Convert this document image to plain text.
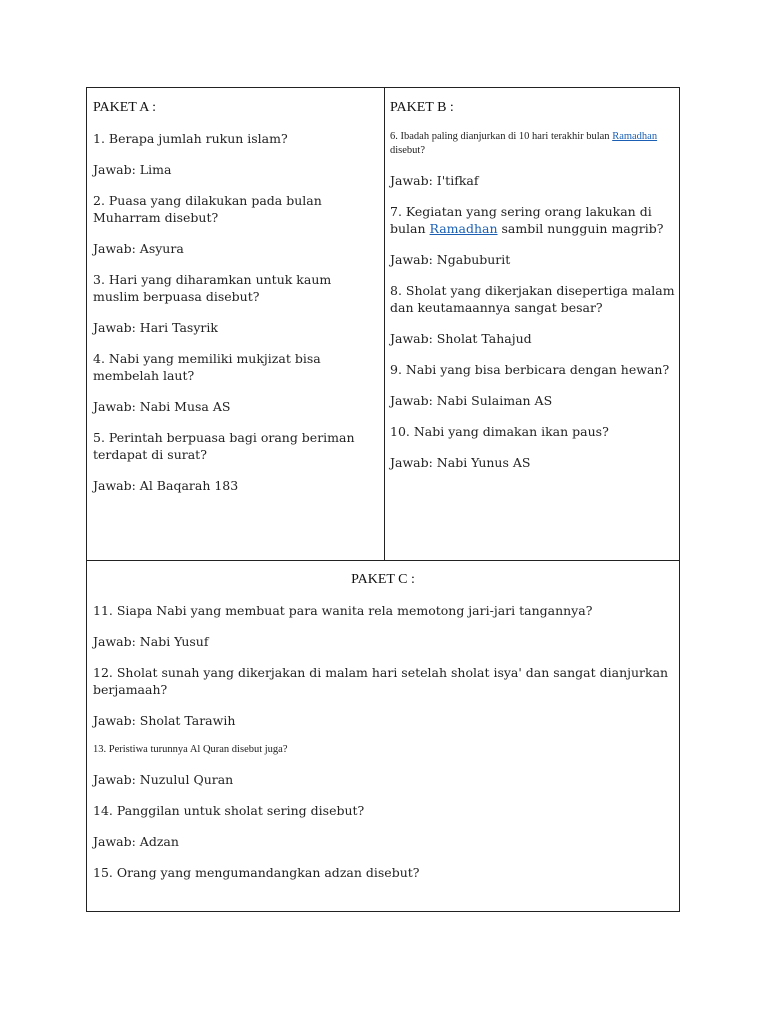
PAKET A :

1. Berapa jumlah rukun islam?

Jawab: Lima

2. Puasa yang dilakukan pada bulan Muharram disebut?

Jawab: Asyura

3. Hari yang diharamkan untuk kaum muslim berpuasa disebut?

Jawab: Hari Tasyrik

4. Nabi yang memiliki mukjizat bisa membelah laut?

Jawab: Nabi Musa AS

5. Perintah berpuasa bagi orang beriman terdapat di surat?

Jawab: Al Baqarah 183

PAKET B :

6. Ibadah paling dianjurkan di 10 hari terakhir bulan Ramadhan disebut?

Jawab: I'tifkaf

7. Kegiatan yang sering orang lakukan di bulan Ramadhan sambil nungguin magrib?

Jawab: Ngabuburit

8. Sholat yang dikerjakan disepertiga malam dan keutamaannya sangat besar?

Jawab: Sholat Tahajud

9. Nabi yang bisa berbicara dengan hewan?

Jawab: Nabi Sulaiman AS

10. Nabi yang dimakan ikan paus?

Jawab: Nabi Yunus AS

PAKET C :

11. Siapa Nabi yang membuat para wanita rela memotong jari-jari tangannya?

Jawab: Nabi Yusuf

12. Sholat sunah yang dikerjakan di malam hari setelah sholat isya' dan sangat dianjurkan berjamaah?

Jawab: Sholat Tarawih

13. Peristiwa turunnya Al Quran disebut juga?

Jawab: Nuzulul Quran

14. Panggilan untuk sholat sering disebut?

Jawab: Adzan

15. Orang yang mengumandangkan adzan disebut?
